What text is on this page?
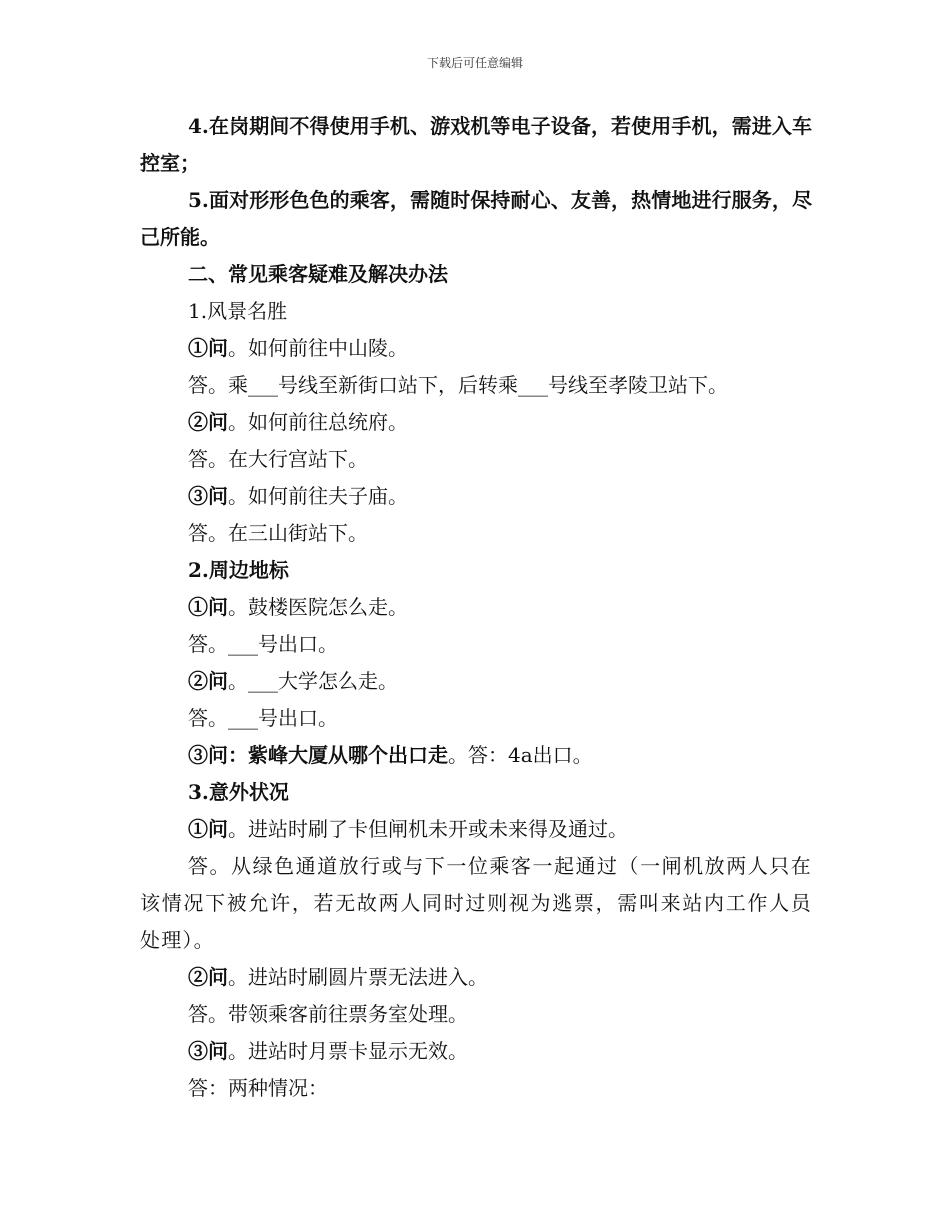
下载后可任意编辑

4.在岗期间不得使用手机、游戏机等电子设备，若使用手机，需进入车控室；

5.面对形形色色的乘客，需随时保持耐心、友善，热情地进行服务，尽己所能。

二、常见乘客疑难及解决办法

1.风景名胜

①问。如何前往中山陵。

答。乘___号线至新街口站下，后转乘___号线至孝陵卫站下。

②问。如何前往总统府。

答。在大行宫站下。

③问。如何前往夫子庙。

答。在三山街站下。

2.周边地标

①问。鼓楼医院怎么走。

答。___号出口。

②问。___大学怎么走。

答。___号出口。

③问：紫峰大厦从哪个出口走。答：4a出口。

3.意外状况

①问。进站时刷了卡但闸机未开或未来得及通过。

答。从绿色通道放行或与下一位乘客一起通过（一闸机放两人只在该情况下被允许，若无故两人同时过则视为逃票，需叫来站内工作人员处理）。

②问。进站时刷圆片票无法进入。

答。带领乘客前往票务室处理。

③问。进站时月票卡显示无效。

答：两种情况：
